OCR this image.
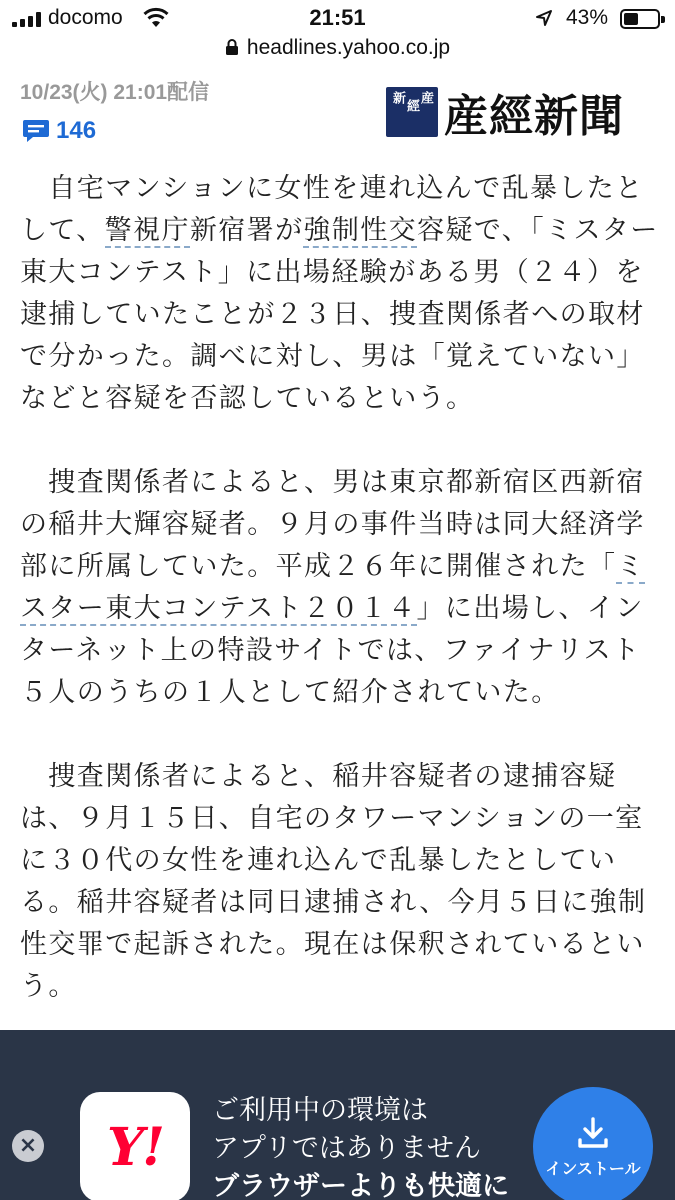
docomo	21:51	43%
headlines.yahoo.co.jp
10/23(火) 21:01配信
146
産
經
新 産經新聞

　自宅マンションに女性を連れ込んで乱暴したとして、警視庁新宿署が強制性交容疑で、「ミスター東大コンテスト」に出場経験がある男（２４）を逮捕していたことが２３日、捜査関係者への取材で分かった。調べに対し、男は「覚えていない」などと容疑を否認しているという。

　捜査関係者によると、男は東京都新宿区西新宿の稲井大輝容疑者。９月の事件当時は同大経済学部に所属していた。平成２６年に開催された「ミスター東大コンテスト２０１４」に出場し、インターネット上の特設サイトでは、ファイナリスト５人のうちの１人として紹介されていた。

　捜査関係者によると、稲井容疑者の逮捕容疑は、９月１５日、自宅のタワーマンションの一室に３０代の女性を連れ込んで乱暴したとしている。稲井容疑者は同日逮捕され、今月５日に強制性交罪で起訴された。現在は保釈されているという。

× Y!
ご利用中の環境は
アプリではありません
ブラウザーよりも快適に
インストール
